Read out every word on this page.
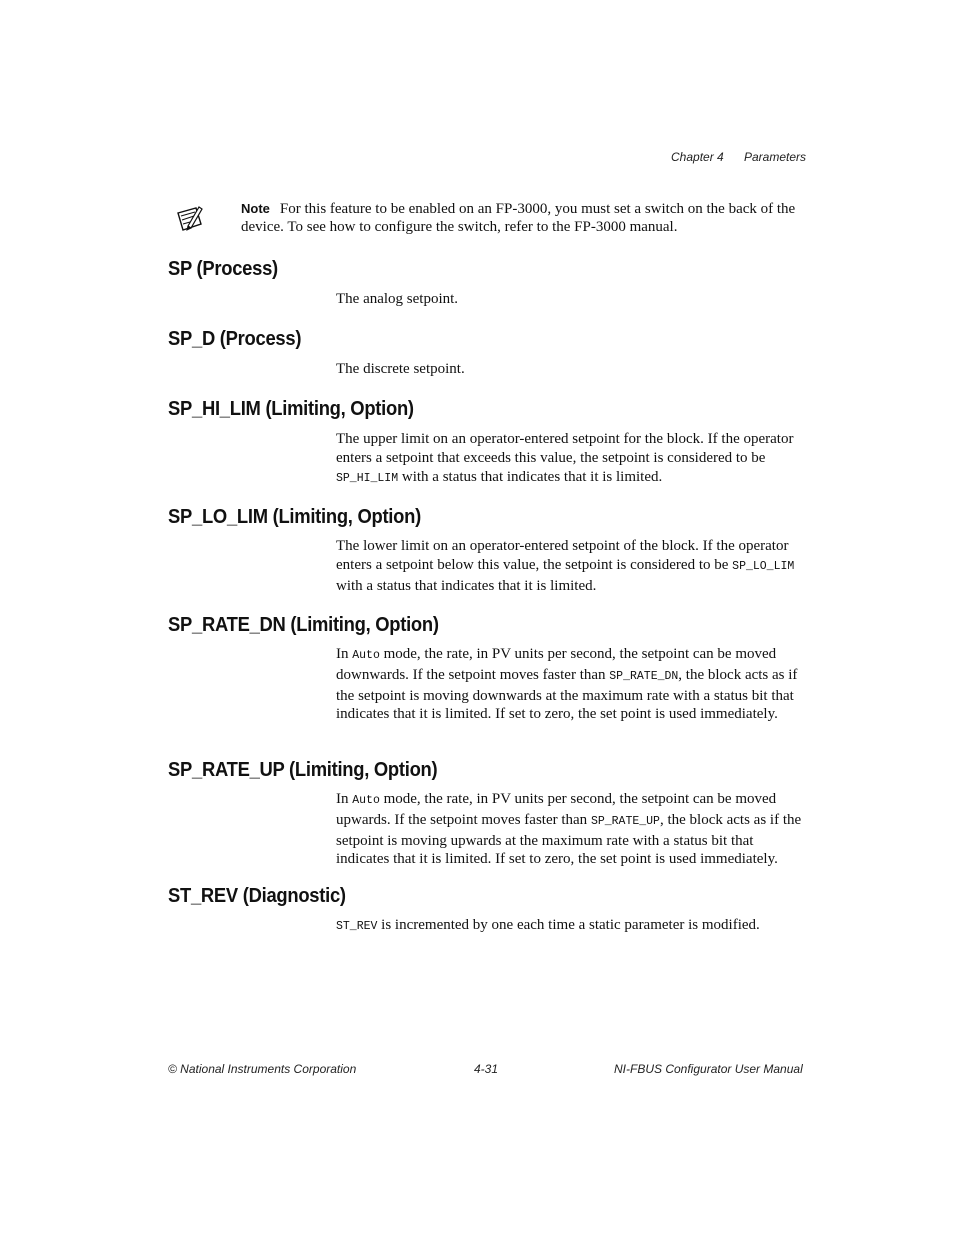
Chapter 4 Parameters
Note For this feature to be enabled on an FP-3000, you must set a switch on the back of the device. To see how to configure the switch, refer to the FP-3000 manual.
SP (Process)

The analog setpoint.

SP_D (Process)

The discrete setpoint.

SP_HI_LIM (Limiting, Option)

The upper limit on an operator-entered setpoint for the block. If the operator enters a setpoint that exceeds this value, the setpoint is considered to be SP_HI_LIM with a status that indicates that it is limited.

SP_LO_LIM (Limiting, Option)

The lower limit on an operator-entered setpoint of the block. If the operator enters a setpoint below this value, the setpoint is considered to be SP_LO_LIM with a status that indicates that it is limited.

SP_RATE_DN (Limiting, Option)

In Auto mode, the rate, in PV units per second, the setpoint can be moved downwards. If the setpoint moves faster than SP_RATE_DN, the block acts as if the setpoint is moving downwards at the maximum rate with a status bit that indicates that it is limited. If set to zero, the set point is used immediately.

SP_RATE_UP (Limiting, Option)

In Auto mode, the rate, in PV units per second, the setpoint can be moved upwards. If the setpoint moves faster than SP_RATE_UP, the block acts as if the setpoint is moving upwards at the maximum rate with a status bit that indicates that it is limited. If set to zero, the set point is used immediately.

ST_REV (Diagnostic)

ST_REV is incremented by one each time a static parameter is modified.

© National Instruments Corporation	4-31	NI-FBUS Configurator User Manual
